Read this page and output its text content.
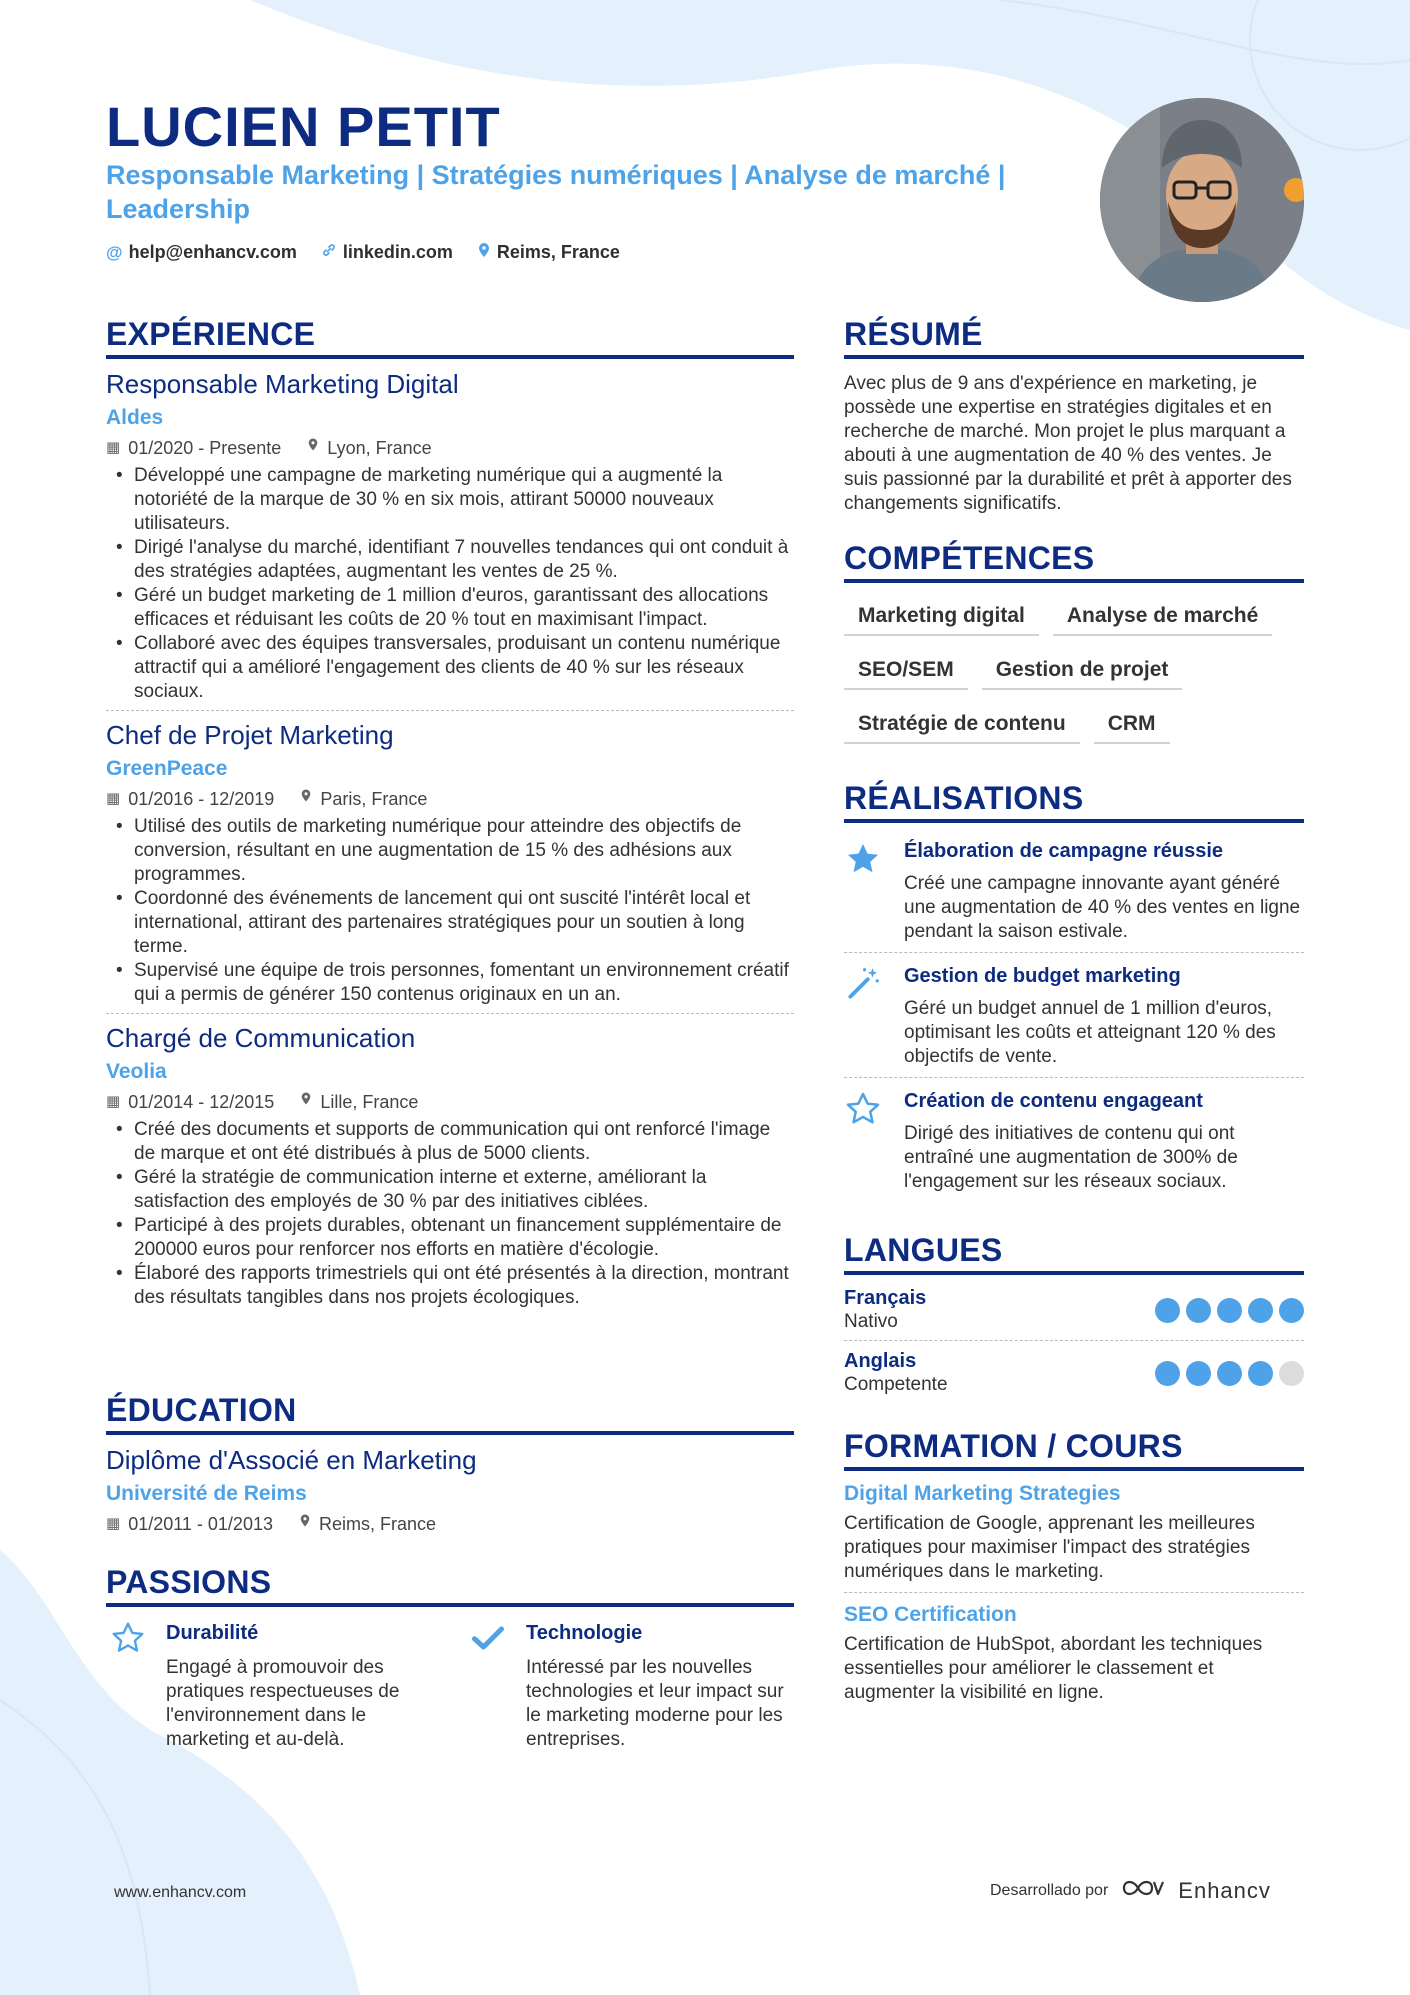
LUCIEN PETIT
Responsable Marketing | Stratégies numériques | Analyse de marché | Leadership
@ help@enhancv.com	linkedin.com Reims, France
EXPÉRIENCE
Responsable Marketing Digital
Aldes
▦ 01/2020 - Presente	Lyon, France
• Développé une campagne de marketing numérique qui a augmenté la notoriété de la marque de 30 % en six mois, attirant 50000 nouveaux utilisateurs.
• Dirigé l'analyse du marché, identifiant 7 nouvelles tendances qui ont conduit à des stratégies adaptées, augmentant les ventes de 25 %.
• Géré un budget marketing de 1 million d'euros, garantissant des allocations efficaces et réduisant les coûts de 20 % tout en maximisant l'impact.
• Collaboré avec des équipes transversales, produisant un contenu numérique attractif qui a amélioré l'engagement des clients de 40 % sur les réseaux sociaux.
Chef de Projet Marketing
GreenPeace
▦ 01/2016 - 12/2019	Paris, France
• Utilisé des outils de marketing numérique pour atteindre des objectifs de conversion, résultant en une augmentation de 15 % des adhésions aux programmes.
• Coordonné des événements de lancement qui ont suscité l'intérêt local et international, attirant des partenaires stratégiques pour un soutien à long terme.
• Supervisé une équipe de trois personnes, fomentant un environnement créatif qui a permis de générer 150 contenus originaux en un an.
Chargé de Communication
Veolia
▦ 01/2014 - 12/2015	Lille, France
• Créé des documents et supports de communication qui ont renforcé l'image de marque et ont été distribués à plus de 5000 clients.
• Géré la stratégie de communication interne et externe, améliorant la satisfaction des employés de 30 % par des initiatives ciblées.
• Participé à des projets durables, obtenant un financement supplémentaire de 200000 euros pour renforcer nos efforts en matière d'écologie.
• Élaboré des rapports trimestriels qui ont été présentés à la direction, montrant des résultats tangibles dans nos projets écologiques.
ÉDUCATION
Diplôme d'Associé en Marketing
Université de Reims
▦ 01/2011 - 01/2013	Reims, France
PASSIONS
Durabilité
Engagé à promouvoir des pratiques respectueuses de l'environnement dans le marketing et au-delà.
Technologie
Intéressé par les nouvelles technologies et leur impact sur le marketing moderne pour les entreprises.
RÉSUMÉ
Avec plus de 9 ans d'expérience en marketing, je possède une expertise en stratégies digitales et en recherche de marché. Mon projet le plus marquant a abouti à une augmentation de 40 % des ventes. Je suis passionné par la durabilité et prêt à apporter des changements significatifs.
COMPÉTENCES
Marketing digital	Analyse de marché
SEO/SEM	Gestion de projet
Stratégie de contenu	CRM
RÉALISATIONS
Élaboration de campagne réussie
Créé une campagne innovante ayant généré une augmentation de 40 % des ventes en ligne pendant la saison estivale.
Gestion de budget marketing
Géré un budget annuel de 1 million d'euros, optimisant les coûts et atteignant 120 % des objectifs de vente.
Création de contenu engageant
Dirigé des initiatives de contenu qui ont entraîné une augmentation de 300% de l'engagement sur les réseaux sociaux.
LANGUES
Français
Nativo
Anglais
Competente
FORMATION / COURS
Digital Marketing Strategies
Certification de Google, apprenant les meilleures pratiques pour maximiser l'impact des stratégies numériques dans le marketing.
SEO Certification
Certification de HubSpot, abordant les techniques essentielles pour améliorer le classement et augmenter la visibilité en ligne.
www.enhancv.com	Desarrollado por	Enhancv
